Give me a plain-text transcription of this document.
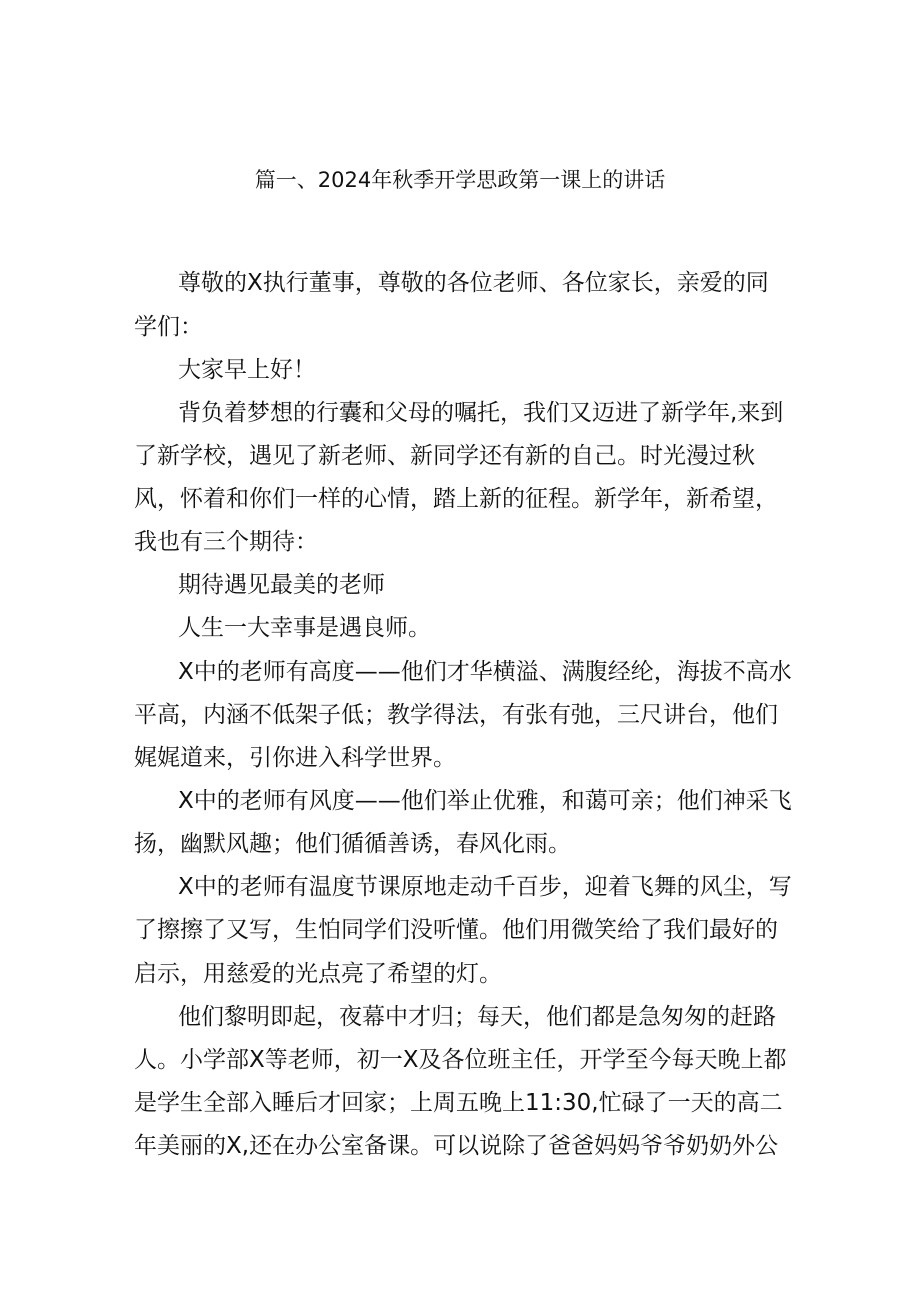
篇一、2024年秋季开学思政第一课上的讲话
尊敬的X执行董事，尊敬的各位老师、各位家长，亲爱的同
学们：
大家早上好！
背负着梦想的行囊和父母的嘱托，我们又迈进了新学年,来到
了新学校，遇见了新老师、新同学还有新的自己。时光漫过秋
风，怀着和你们一样的心情，踏上新的征程。新学年，新希望，
我也有三个期待：
期待遇见最美的老师
人生一大幸事是遇良师。
X中的老师有高度——他们才华横溢、满腹经纶，海拔不高水
平高，内涵不低架子低；教学得法，有张有弛，三尺讲台，他们
娓娓道来，引你进入科学世界。
X中的老师有风度——他们举止优雅，和蔼可亲；他们神采飞
扬，幽默风趣；他们循循善诱，春风化雨。
X中的老师有温度节课原地走动千百步，迎着飞舞的风尘，写
了擦擦了又写，生怕同学们没听懂。他们用微笑给了我们最好的
启示，用慈爱的光点亮了希望的灯。
他们黎明即起，夜幕中才归；每天，他们都是急匆匆的赶路
人。小学部X等老师，初一X及各位班主任，开学至今每天晚上都
是学生全部入睡后才回家；上周五晚上11:30,忙碌了一天的高二
年美丽的X,还在办公室备课。可以说除了爸爸妈妈爷爷奶奶外公
